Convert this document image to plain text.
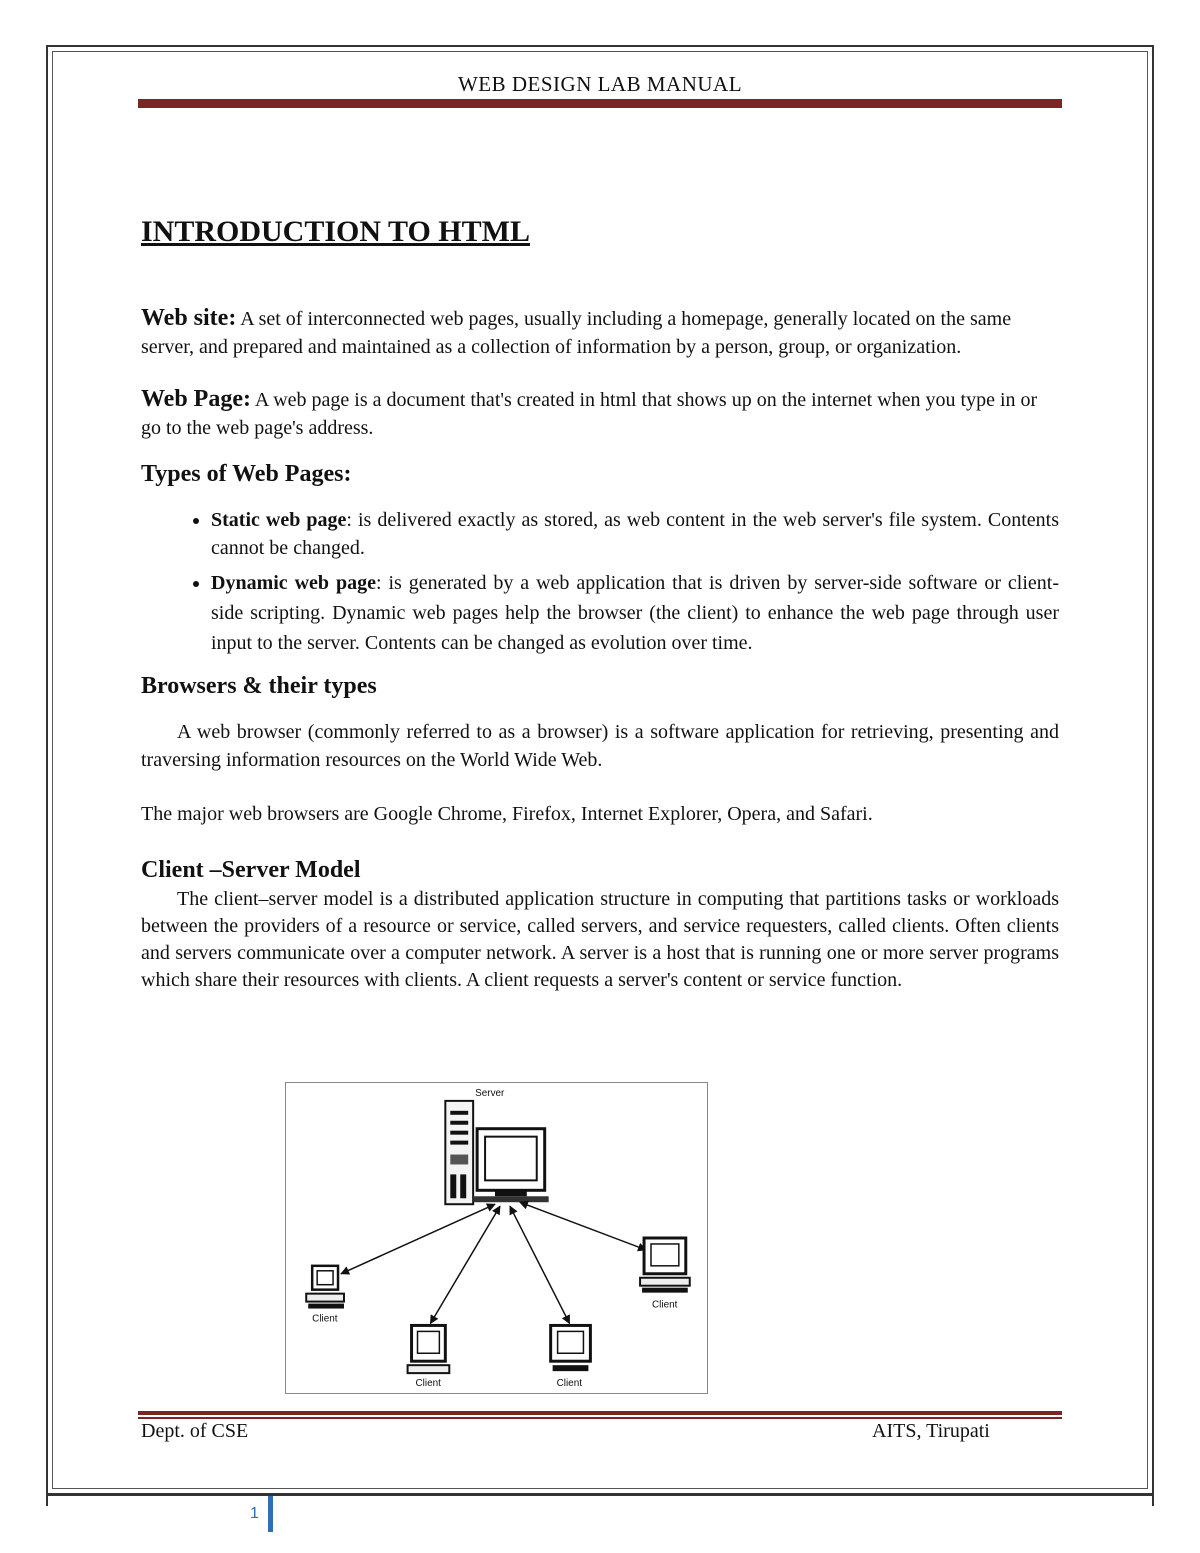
WEB DESIGN LAB MANUAL
INTRODUCTION TO HTML

Web site: A set of interconnected web pages, usually including a homepage, generally located on the same server, and prepared and maintained as a collection of information by a person, group, or organization.

Web Page: A web page is a document that's created in html that shows up on the internet when you type in or go to the web page's address.

Types of Web Pages:
• Static web page: is delivered exactly as stored, as web content in the web server's file system. Contents cannot be changed.
• Dynamic web page: is generated by a web application that is driven by server-side software or client-side scripting. Dynamic web pages help the browser (the client) to enhance the web page through user input to the server. Contents can be changed as evolution over time.
Browsers & their types

A web browser (commonly referred to as a browser) is a software application for retrieving, presenting and traversing information resources on the World Wide Web.

The major web browsers are Google Chrome, Firefox, Internet Explorer, Opera, and Safari.

Client –Server Model

The client–server model is a distributed application structure in computing that partitions tasks or workloads between the providers of a resource or service, called servers, and service requesters, called clients. Often clients and servers communicate over a computer network. A server is a host that is running one or more server programs which share their resources with clients. A client requests a server's content or service function.

Server
Client
Client	Client
Client
Dept. of CSE	AITS, Tirupati
1
